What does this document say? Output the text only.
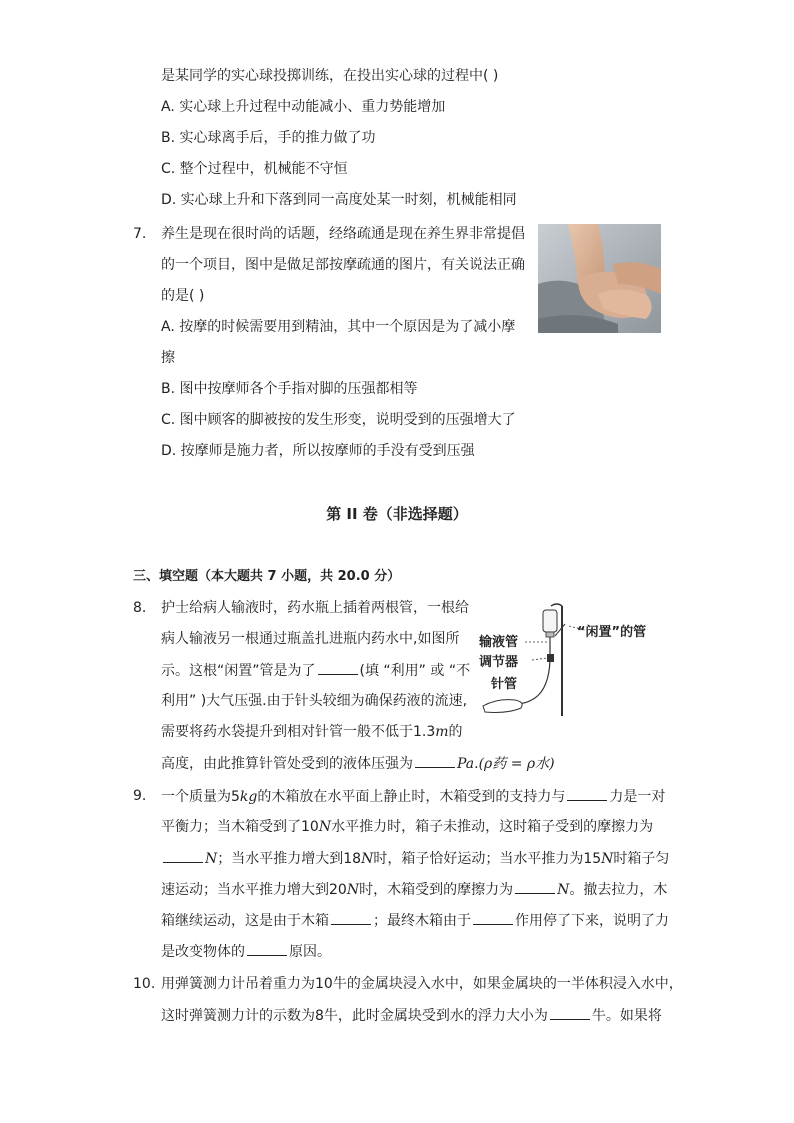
是某同学的实心球投掷训练，在投出实心球的过程中( )
A. 实心球上升过程中动能减小、重力势能增加
B. 实心球离手后，手的推力做了功
C. 整个过程中，机械能不守恒
D. 实心球上升和下落到同一高度处某一时刻，机械能相同
7. 养生是现在很时尚的话题，经络疏通是现在养生界非常提倡
的一个项目，图中是做足部按摩疏通的图片，有关说法正确
的是( )
A. 按摩的时候需要用到精油，其中一个原因是为了减小摩
擦
B. 图中按摩师各个手指对脚的压强都相等
C. 图中顾客的脚被按的发生形变，说明受到的压强增大了
D. 按摩师是施力者，所以按摩师的手没有受到压强
第 II 卷（非选择题）
三、填空题（本大题共 7 小题，共 20.0 分）
8. 护士给病人输液时，药水瓶上插着两根管，一根给
病人输液另一根通过瓶盖扎进瓶内药水中,如图所
示。这根“闲置”管是为了	(填 “利用” 或 “不
利用” )大气压强.由于针头较细为确保药液的流速,
需要将药水袋提升到相对针管一般不低于1.3m的
高度，由此推算针管处受到的液体压强为	Pa.(ρ药 = ρ水)
输液管
调节器
针管
“闲置”的管
9. 一个质量为5kg的木箱放在水平面上静止时，木箱受到的支持力与	力是一对
平衡力；当木箱受到了10N水平推力时，箱子未推动，这时箱子受到的摩擦力为
N；当水平推力增大到18N时，箱子恰好运动；当水平推力为15N时箱子匀
速运动；当水平推力增大到20N时，木箱受到的摩擦力为	N。撤去拉力，木
箱继续运动，这是由于木箱	；最终木箱由于	作用停了下来，说明了力
是改变物体的	原因。
10. 用弹簧测力计吊着重力为10牛的金属块浸入水中，如果金属块的一半体积浸入水中，
这时弹簧测力计的示数为8牛，此时金属块受到水的浮力大小为	牛。如果将
